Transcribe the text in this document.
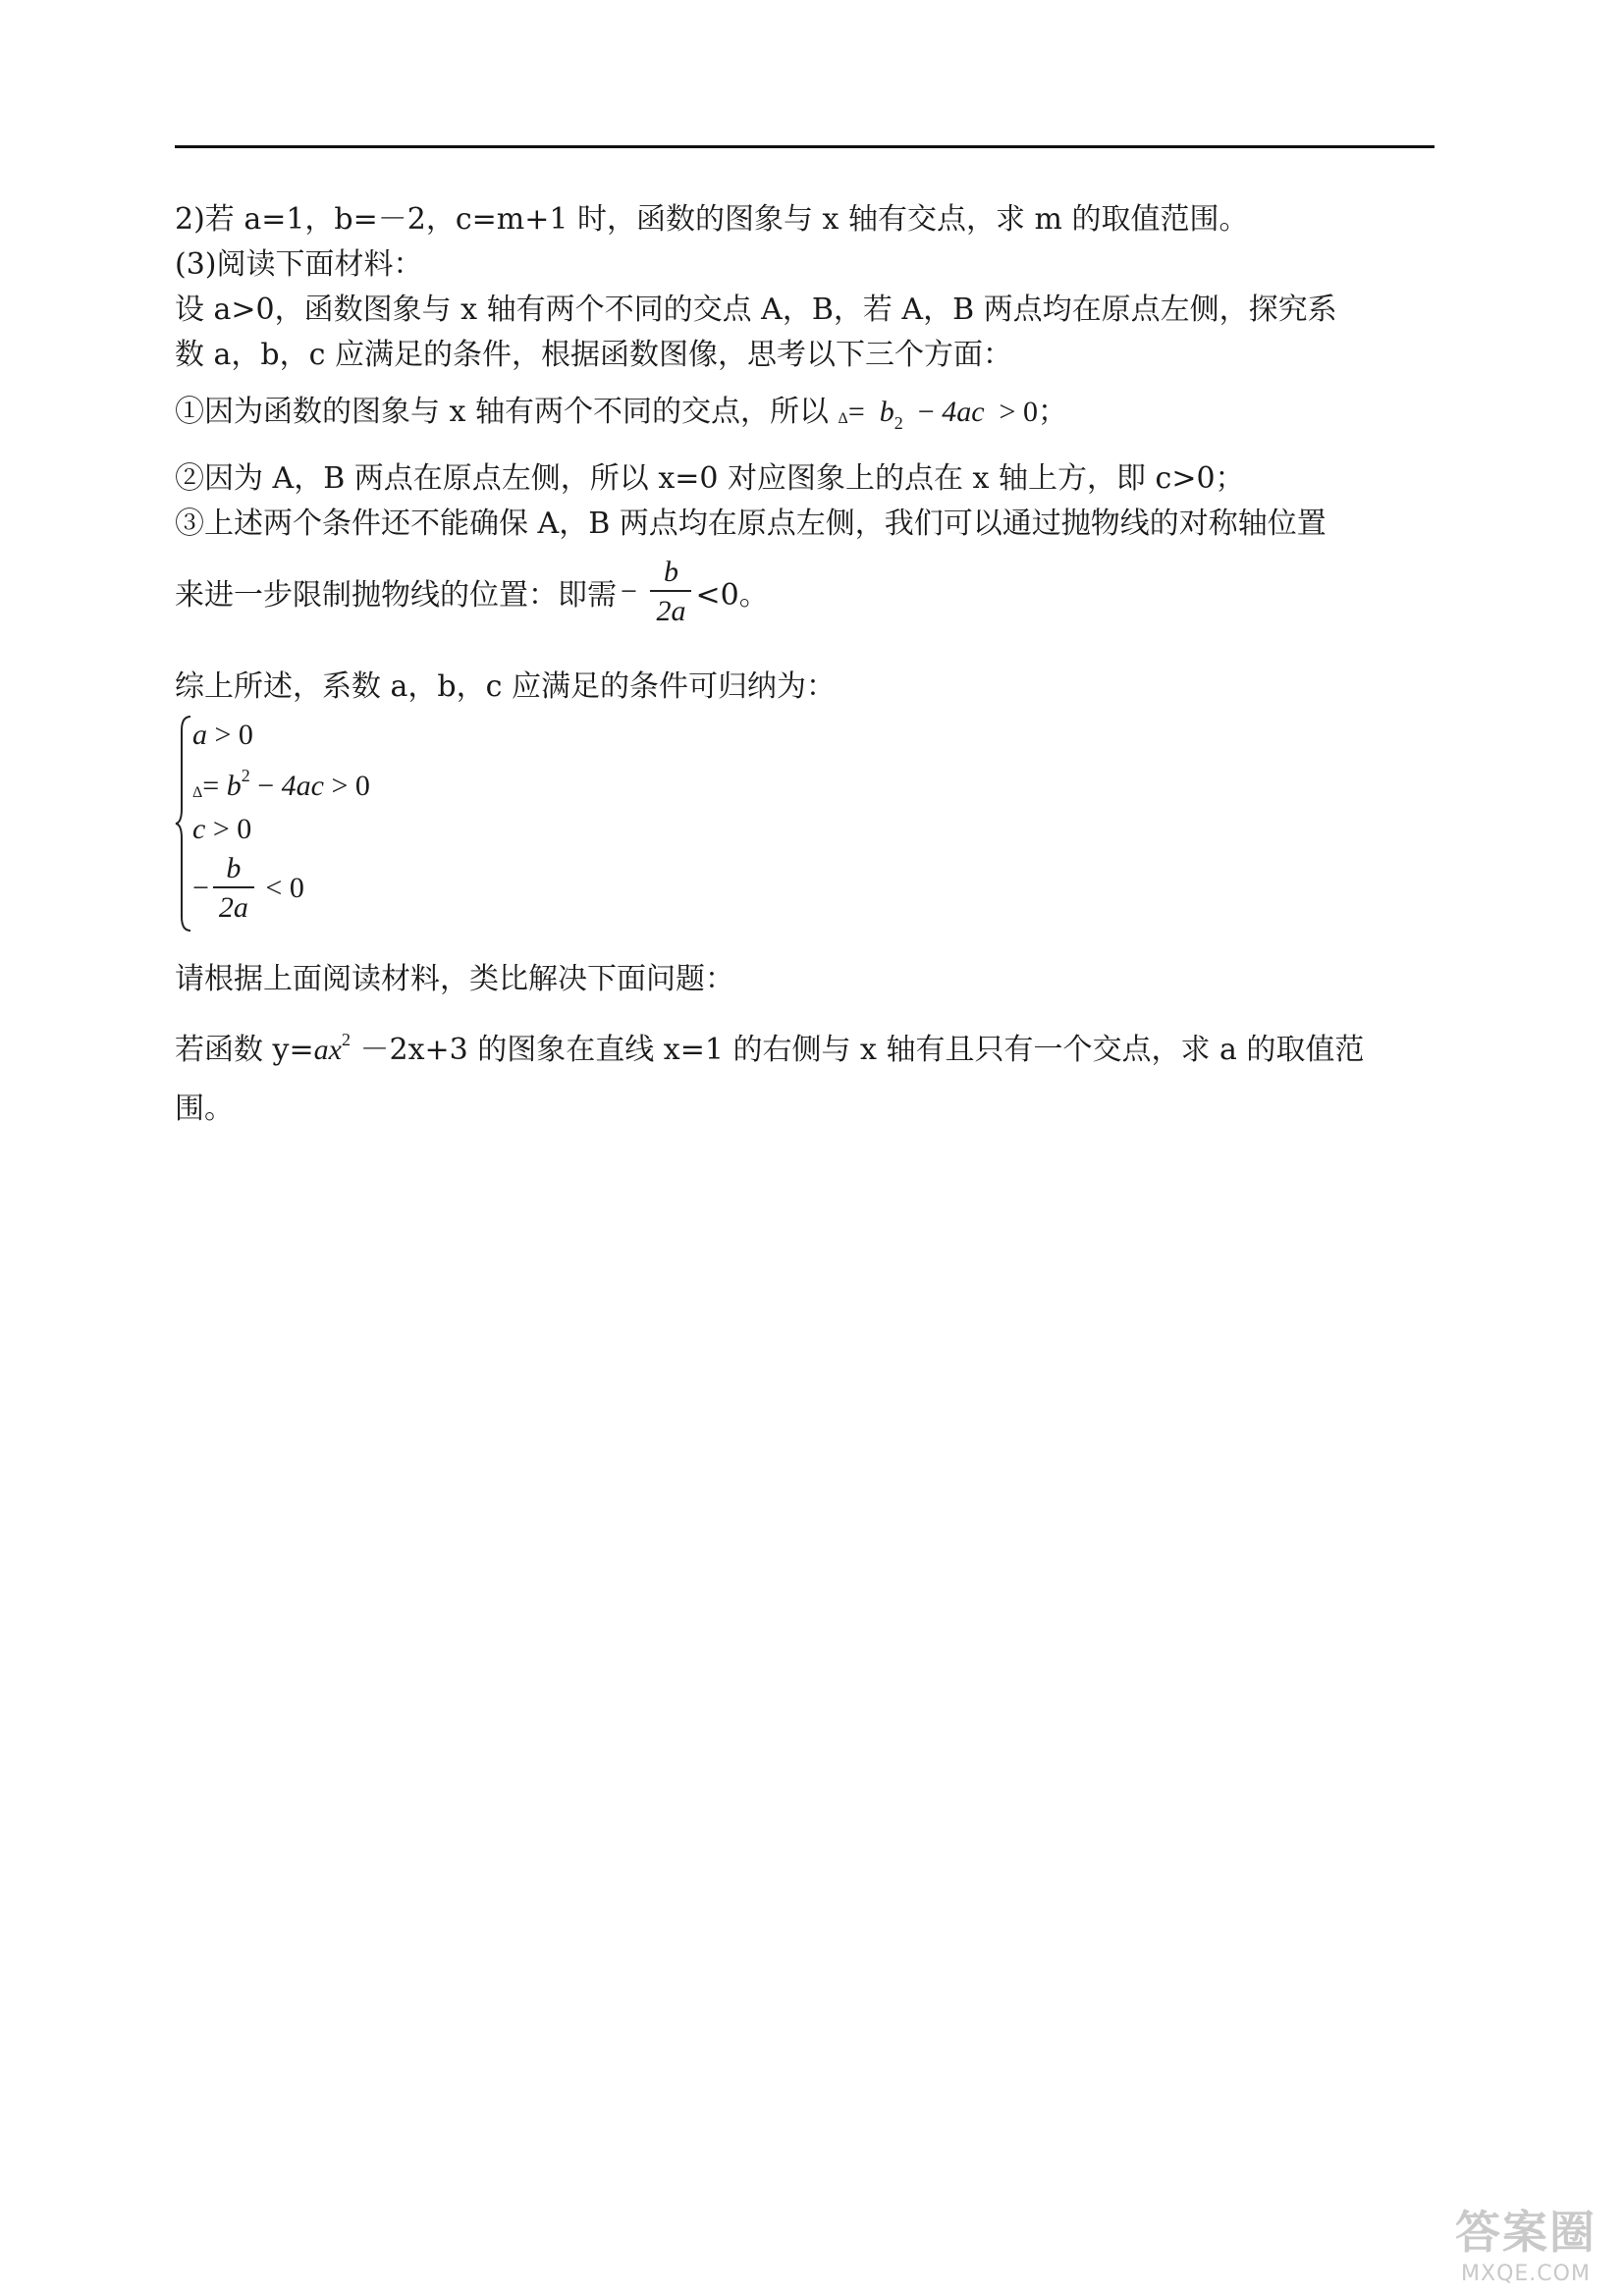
2)若 a=1，b=－2，c=m+1 时，函数的图象与 x 轴有交点，求 m 的取值范围。
(3)阅读下面材料：
设 a>0，函数图象与 x 轴有两个不同的交点 A，B，若 A，B 两点均在原点左侧，探究系
数 a，b，c 应满足的条件，根据函数图像，思考以下三个方面：
①因为函数的图象与 x 轴有两个不同的交点，所以 $\Delta= b_2 - 4ac > 0$；
②因为 A，B 两点在原点左侧，所以 x=0 对应图象上的点在 x 轴上方，即 c>0；
③上述两个条件还不能确保 A，B 两点均在原点左侧，我们可以通过抛物线的对称轴位置
来进一步限制抛物线的位置：即需 − $\frac{b}{2a} <0$。
综上所述，系数 a，b，c 应满足的条件可归纳为：
a > 0
$\Delta= b^2 - 4ac > 0$
c > 0
− $\frac{b}{2a} < 0$
请根据上面阅读材料，类比解决下面问题：
若函数 $y=ax^2 -2x+3$ 的图象在直线 x=1 的右侧与 x 轴有且只有一个交点，求 a 的取值范
围。
答案圈
MXQE.COM
